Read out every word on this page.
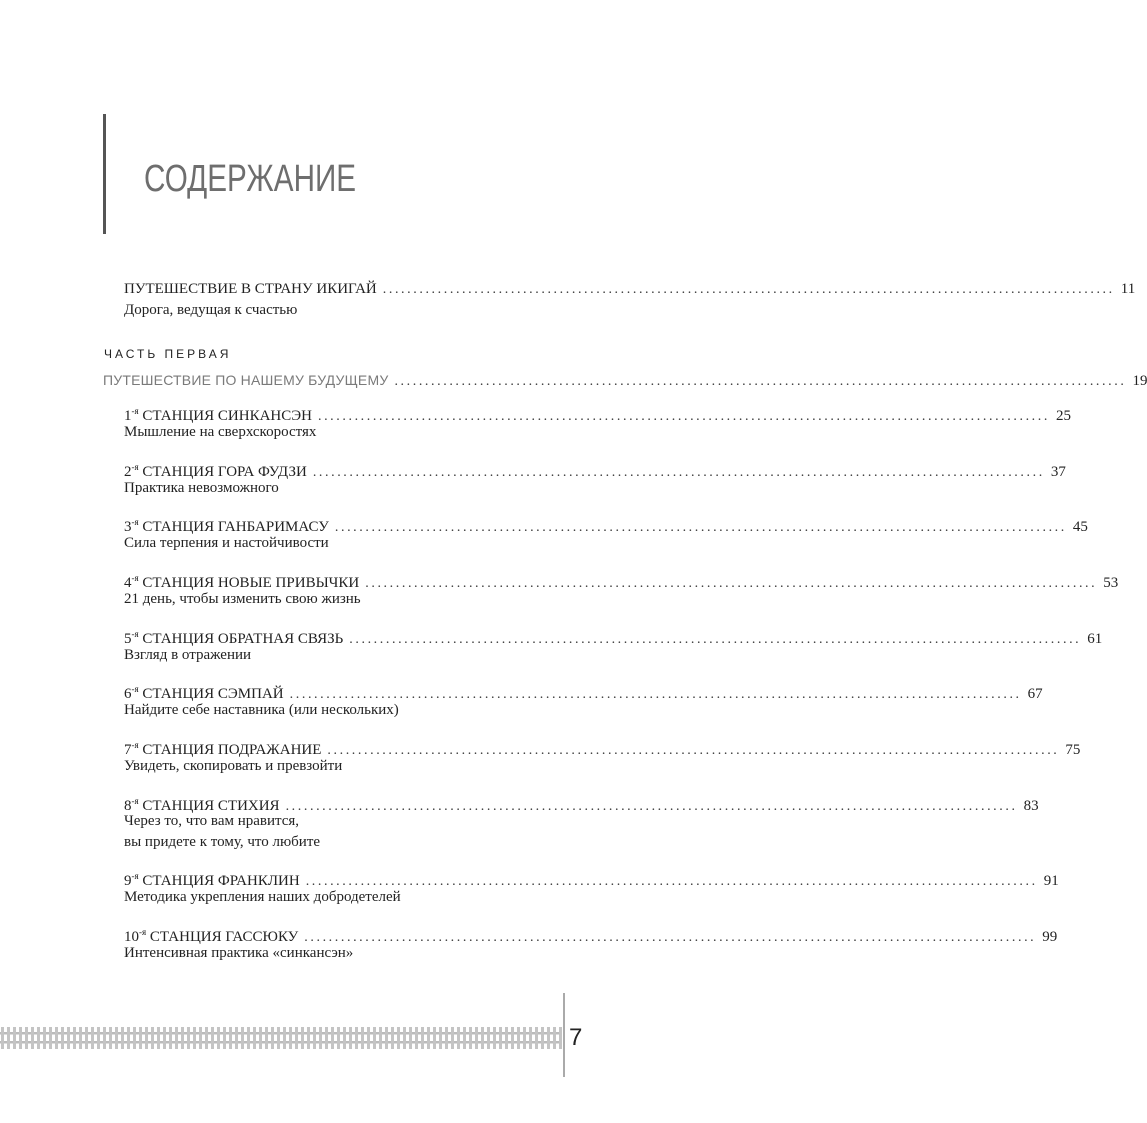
СОДЕРЖАНИЕ
ПУТЕШЕСТВИЕ В СТРАНУ ИКИГАЙ ........................................................................................................................ 11
Дорога, ведущая к счастью
ЧАСТЬ ПЕРВАЯ
ПУТЕШЕСТВИЕ ПО НАШЕМУ БУДУЩЕМУ ........................................................................................................................ 19
$1^{-я}$ СТАНЦИЯ СИНКАНСЭН ........................................................................................................................ 25
Мышление на сверхскоростях
$2^{-я}$ СТАНЦИЯ ГОРА ФУДЗИ ........................................................................................................................ 37
Практика невозможного
$3^{-я}$ СТАНЦИЯ ГАНБАРИМАСУ ........................................................................................................................ 45
Сила терпения и настойчивости
$4^{-я}$ СТАНЦИЯ НОВЫЕ ПРИВЫЧКИ ........................................................................................................................ 53
21 день, чтобы изменить свою жизнь
$5^{-я}$ СТАНЦИЯ ОБРАТНАЯ СВЯЗЬ ........................................................................................................................ 61
Взгляд в отражении
$6^{-я}$ СТАНЦИЯ СЭМПАЙ ........................................................................................................................ 67
Найдите себе наставника (или нескольких)
$7^{-я}$ СТАНЦИЯ ПОДРАЖАНИЕ ........................................................................................................................ 75
Увидеть, скопировать и превзойти
$8^{-я}$ СТАНЦИЯ СТИХИЯ ........................................................................................................................ 83
Через то, что вам нравится,
вы придете к тому, что любите
$9^{-я}$ СТАНЦИЯ ФРАНКЛИН ........................................................................................................................ 91
Методика укрепления наших добродетелей
$10^{-я}$ СТАНЦИЯ ГАССЮКУ ........................................................................................................................ 99
Интенсивная практика «синкансэн»
7
